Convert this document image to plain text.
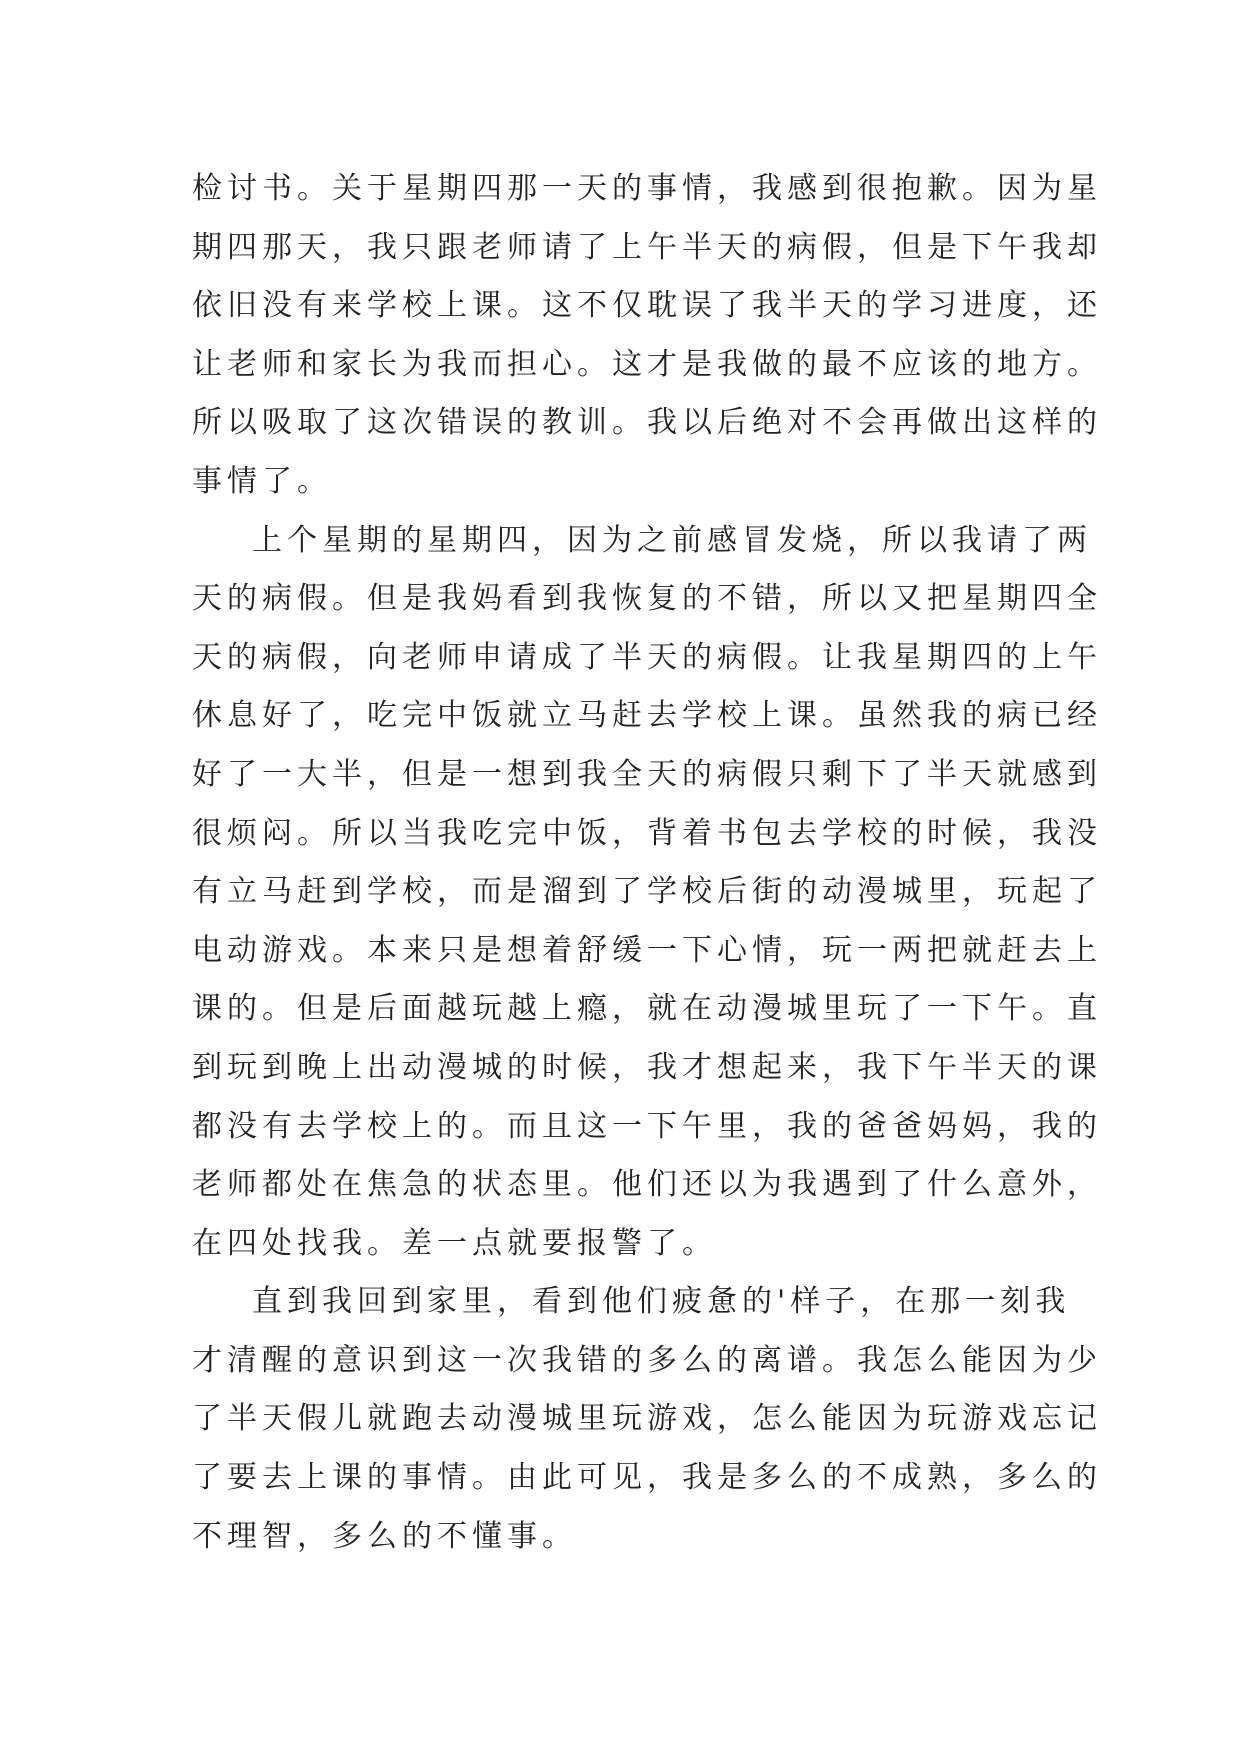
检讨书。关于星期四那一天的事情，我感到很抱歉。因为星
期四那天，我只跟老师请了上午半天的病假，但是下午我却
依旧没有来学校上课。这不仅耽误了我半天的学习进度，还
让老师和家长为我而担心。这才是我做的最不应该的地方。
所以吸取了这次错误的教训。我以后绝对不会再做出这样的
事情了。
上个星期的星期四，因为之前感冒发烧，所以我请了两
天的病假。但是我妈看到我恢复的不错，所以又把星期四全
天的病假，向老师申请成了半天的病假。让我星期四的上午
休息好了，吃完中饭就立马赶去学校上课。虽然我的病已经
好了一大半，但是一想到我全天的病假只剩下了半天就感到
很烦闷。所以当我吃完中饭，背着书包去学校的时候，我没
有立马赶到学校，而是溜到了学校后街的动漫城里，玩起了
电动游戏。本来只是想着舒缓一下心情，玩一两把就赶去上
课的。但是后面越玩越上瘾，就在动漫城里玩了一下午。直
到玩到晚上出动漫城的时候，我才想起来，我下午半天的课
都没有去学校上的。而且这一下午里，我的爸爸妈妈，我的
老师都处在焦急的状态里。他们还以为我遇到了什么意外，
在四处找我。差一点就要报警了。
直到我回到家里，看到他们疲惫的'样子，在那一刻我
才清醒的意识到这一次我错的多么的离谱。我怎么能因为少
了半天假儿就跑去动漫城里玩游戏，怎么能因为玩游戏忘记
了要去上课的事情。由此可见，我是多么的不成熟，多么的
不理智，多么的不懂事。
